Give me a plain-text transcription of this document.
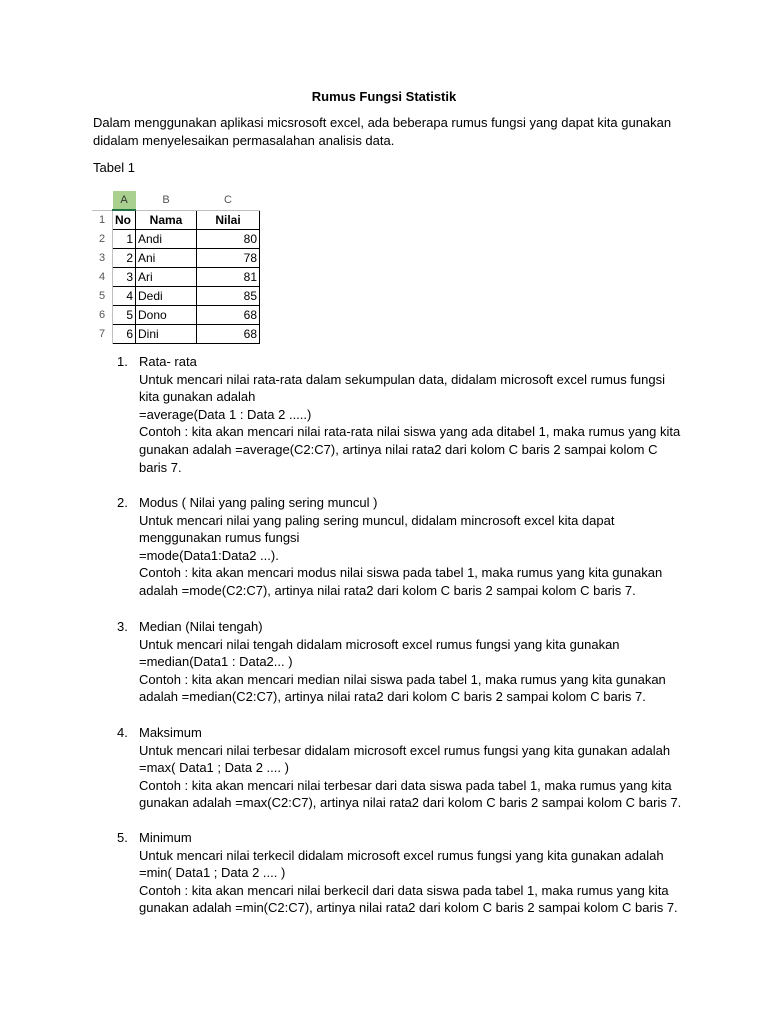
Rumus Fungsi Statistik
Dalam menggunakan aplikasi micsrosoft excel, ada beberapa rumus fungsi yang dapat kita gunakan didalam menyelesaikan permasalahan analisis data.
Tabel 1
	A	B	C
1	No	Nama	Nilai
2	1	Andi	80
3	2	Ani	78
4	3	Ari	81
5	4	Dedi	85
6	5	Dono	68
7	6	Dini	68
1. Rata- rata
Untuk mencari nilai rata-rata dalam sekumpulan data, didalam microsoft excel rumus fungsi kita gunakan adalah
=average(Data 1 : Data 2 .....)
Contoh : kita akan mencari nilai rata-rata nilai siswa yang ada ditabel 1, maka rumus yang kita gunakan adalah =average(C2:C7), artinya nilai rata2 dari kolom C baris 2 sampai kolom C baris 7.
2. Modus ( Nilai yang paling sering muncul )
Untuk mencari nilai yang paling sering muncul, didalam mincrosoft excel kita dapat menggunakan rumus fungsi
=mode(Data1:Data2 ...).
Contoh : kita akan mencari modus nilai siswa pada tabel 1, maka rumus yang kita gunakan adalah =mode(C2:C7), artinya nilai rata2 dari kolom C baris 2 sampai kolom C baris 7.
3. Median (Nilai tengah)
Untuk mencari nilai tengah didalam microsoft excel rumus fungsi yang kita gunakan
=median(Data1 : Data2... )
Contoh : kita akan mencari median nilai siswa pada tabel 1, maka rumus yang kita gunakan adalah =median(C2:C7), artinya nilai rata2 dari kolom C baris 2 sampai kolom C baris 7.
4. Maksimum
Untuk mencari nilai terbesar didalam microsoft excel rumus fungsi yang kita gunakan adalah
=max( Data1 ; Data 2 .... )
Contoh : kita akan mencari nilai terbesar dari data siswa pada tabel 1, maka rumus yang kita gunakan adalah =max(C2:C7), artinya nilai rata2 dari kolom C baris 2 sampai kolom C baris 7.
5. Minimum
Untuk mencari nilai terkecil didalam microsoft excel rumus fungsi yang kita gunakan adalah
=min( Data1 ; Data 2 .... )
Contoh : kita akan mencari nilai berkecil dari data siswa pada tabel 1, maka rumus yang kita gunakan adalah =min(C2:C7), artinya nilai rata2 dari kolom C baris 2 sampai kolom C baris 7.
